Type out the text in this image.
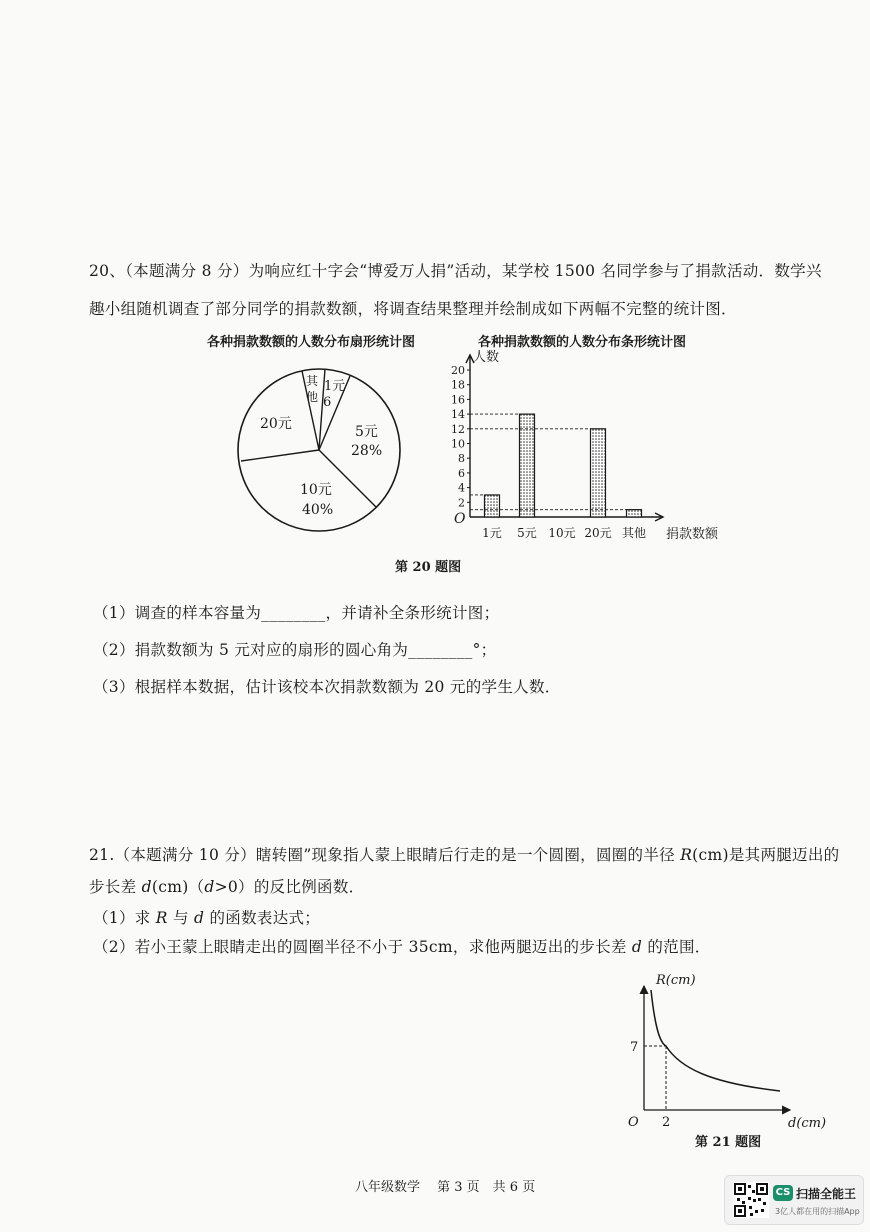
20、（本题满分 8 分）为响应红十字会“博爱万人捐”活动，某学校 1500 名同学参与了捐款活动．数学兴
趣小组随机调查了部分同学的捐款数额，将调查结果整理并绘制成如下两幅不完整的统计图．
各种捐款数额的人数分布扇形统计图
其
他
1元
6
5元
28%
20元
10元
40%
各种捐款数额的人数分布条形统计图
2
4
6
8
10
12
14
16
18
20
人数
O
捐款数额
1元 5元 10元 20元 其他
第 20 题图
（1）调查的样本容量为________，并请补全条形统计图；
（2）捐款数额为 5 元对应的扇形的圆心角为________°；
（3）根据样本数据，估计该校本次捐款数额为 20 元的学生人数．
21.（本题满分 10 分）瞎转圈”现象指人蒙上眼睛后行走的是一个圆圈，圆圈的半径 R(cm)是其两腿迈出的
步长差 d(cm)（d>0）的反比例函数．
（1）求 R 与 d 的函数表达式；
（2）若小王蒙上眼睛走出的圆圈半径不小于 35cm，求他两腿迈出的步长差 d 的范围．
R(cm)
d(cm)
O
7
2
第 21 题图
八年级数学　 第 3 页　共 6 页	CS 扫描全能王
3亿人都在用的扫描App
